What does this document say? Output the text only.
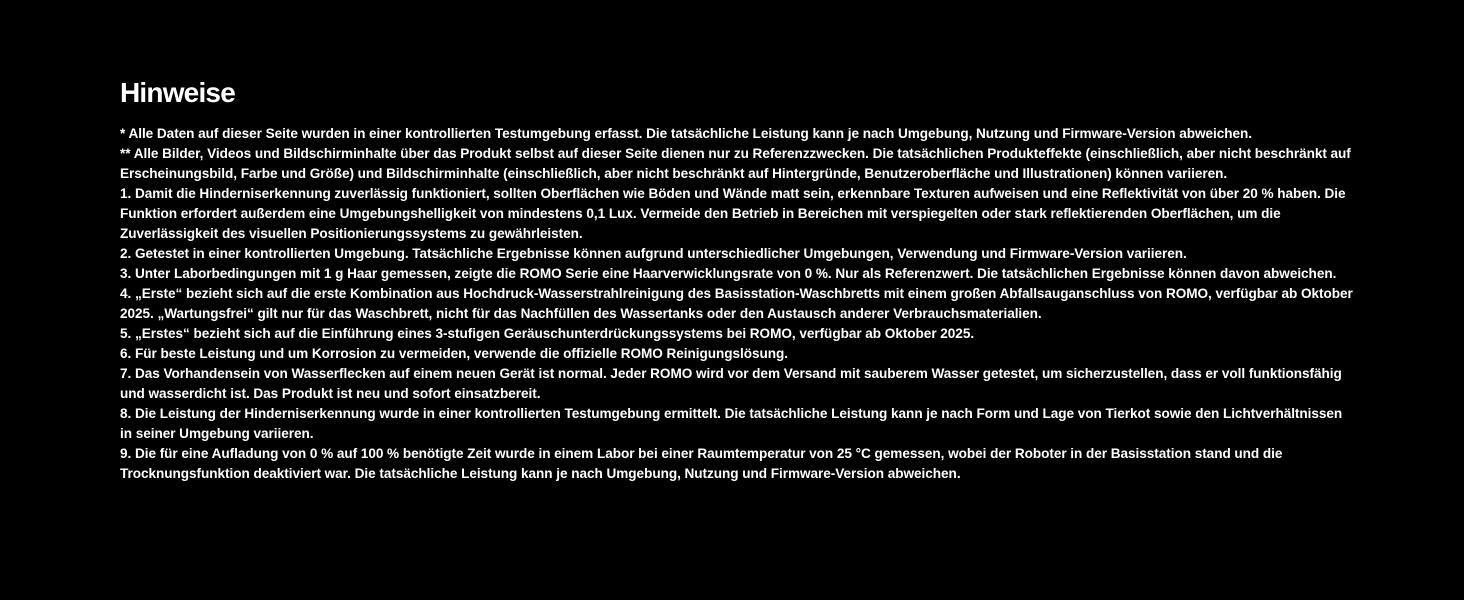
Hinweise

* Alle Daten auf dieser Seite wurden in einer kontrollierten Testumgebung erfasst. Die tatsächliche Leistung kann je nach Umgebung, Nutzung und Firmware-Version abweichen.

** Alle Bilder, Videos und Bildschirminhalte über das Produkt selbst auf dieser Seite dienen nur zu Referenzzwecken. Die tatsächlichen Produkteffekte (einschließlich, aber nicht beschränkt auf Erscheinungsbild, Farbe und Größe) und Bildschirminhalte (einschließlich, aber nicht beschränkt auf Hintergründe, Benutzeroberfläche und Illustrationen) können variieren.

1. Damit die Hinderniserkennung zuverlässig funktioniert, sollten Oberflächen wie Böden und Wände matt sein, erkennbare Texturen aufweisen und eine Reflektivität von über 20 % haben. Die Funktion erfordert außerdem eine Umgebungshelligkeit von mindestens 0,1 Lux. Vermeide den Betrieb in Bereichen mit verspiegelten oder stark reflektierenden Oberflächen, um die Zuverlässigkeit des visuellen Positionierungssystems zu gewährleisten.

2. Getestet in einer kontrollierten Umgebung. Tatsächliche Ergebnisse können aufgrund unterschiedlicher Umgebungen, Verwendung und Firmware-Version variieren.

3. Unter Laborbedingungen mit 1 g Haar gemessen, zeigte die ROMO Serie eine Haarverwicklungsrate von 0 %. Nur als Referenzwert. Die tatsächlichen Ergebnisse können davon abweichen.

4. „Erste“ bezieht sich auf die erste Kombination aus Hochdruck-Wasserstrahlreinigung des Basisstation-Waschbretts mit einem großen Abfallsauganschluss von ROMO, verfügbar ab Oktober 2025. „Wartungsfrei“ gilt nur für das Waschbrett, nicht für das Nachfüllen des Wassertanks oder den Austausch anderer Verbrauchsmaterialien.

5. „Erstes“ bezieht sich auf die Einführung eines 3-stufigen Geräuschunterdrückungssystems bei ROMO, verfügbar ab Oktober 2025.

6. Für beste Leistung und um Korrosion zu vermeiden, verwende die offizielle ROMO Reinigungslösung.

7. Das Vorhandensein von Wasserflecken auf einem neuen Gerät ist normal. Jeder ROMO wird vor dem Versand mit sauberem Wasser getestet, um sicherzustellen, dass er voll funktionsfähig und wasserdicht ist. Das Produkt ist neu und sofort einsatzbereit.

8. Die Leistung der Hinderniserkennung wurde in einer kontrollierten Testumgebung ermittelt. Die tatsächliche Leistung kann je nach Form und Lage von Tierkot sowie den Lichtverhältnissen in seiner Umgebung variieren.

9. Die für eine Aufladung von 0 % auf 100 % benötigte Zeit wurde in einem Labor bei einer Raumtemperatur von 25 °C gemessen, wobei der Roboter in der Basisstation stand und die Trocknungsfunktion deaktiviert war. Die tatsächliche Leistung kann je nach Umgebung, Nutzung und Firmware-Version abweichen.
